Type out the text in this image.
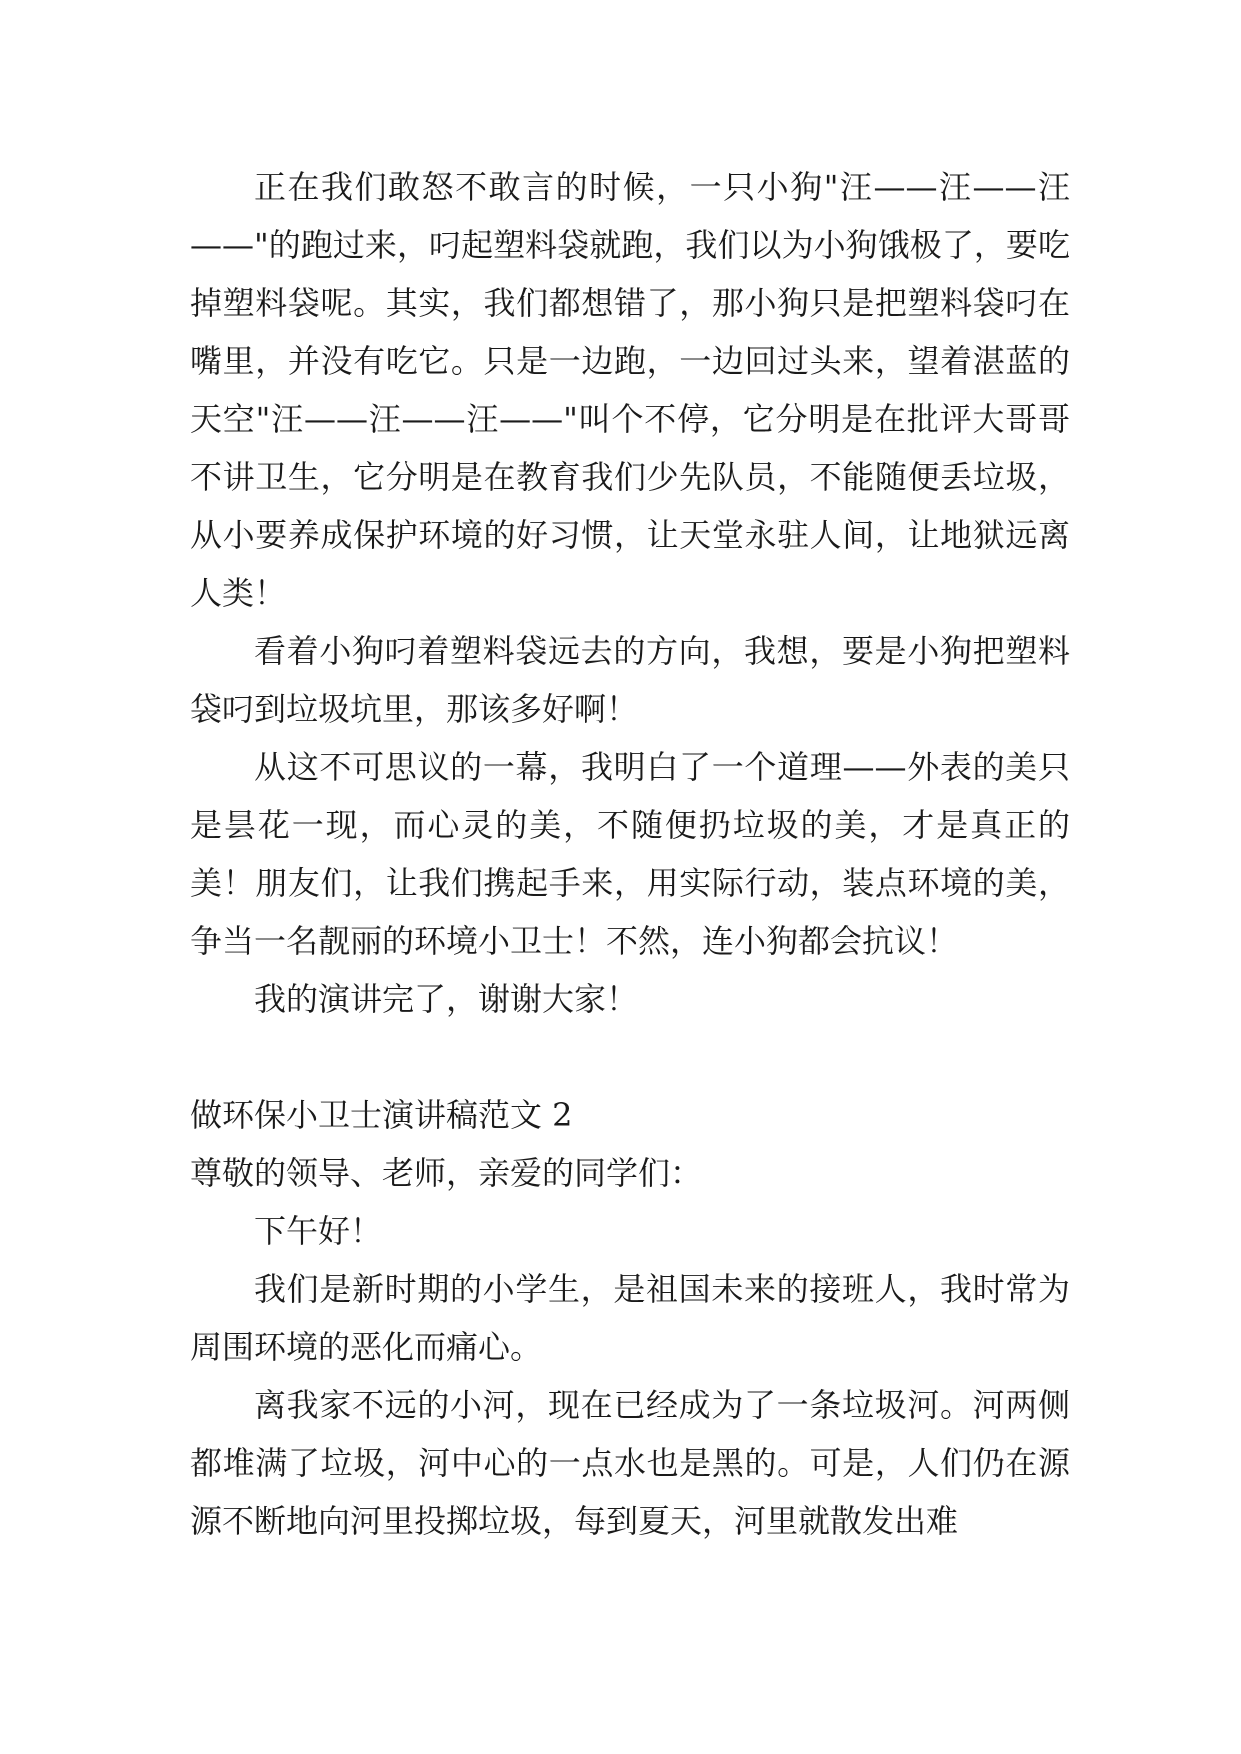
正在我们敢怒不敢言的时候，一只小狗"汪——汪——汪——"的跑过来，叼起塑料袋就跑，我们以为小狗饿极了，要吃掉塑料袋呢。其实，我们都想错了，那小狗只是把塑料袋叼在嘴里，并没有吃它。只是一边跑，一边回过头来，望着湛蓝的天空"汪——汪——汪——"叫个不停，它分明是在批评大哥哥不讲卫生，它分明是在教育我们少先队员，不能随便丢垃圾，从小要养成保护环境的好习惯，让天堂永驻人间，让地狱远离人类！

看着小狗叼着塑料袋远去的方向，我想，要是小狗把塑料袋叼到垃圾坑里，那该多好啊！

从这不可思议的一幕，我明白了一个道理——外表的美只是昙花一现，而心灵的美，不随便扔垃圾的美，才是真正的美！朋友们，让我们携起手来，用实际行动，装点环境的美，争当一名靓丽的环境小卫士！不然，连小狗都会抗议！

我的演讲完了，谢谢大家！

做环保小卫士演讲稿范文 2

尊敬的领导、老师，亲爱的同学们：

下午好！

我们是新时期的小学生，是祖国未来的接班人，我时常为周围环境的恶化而痛心。

离我家不远的小河，现在已经成为了一条垃圾河。河两侧都堆满了垃圾，河中心的一点水也是黑的。可是，人们仍在源源不断地向河里投掷垃圾，每到夏天，河里就散发出难
